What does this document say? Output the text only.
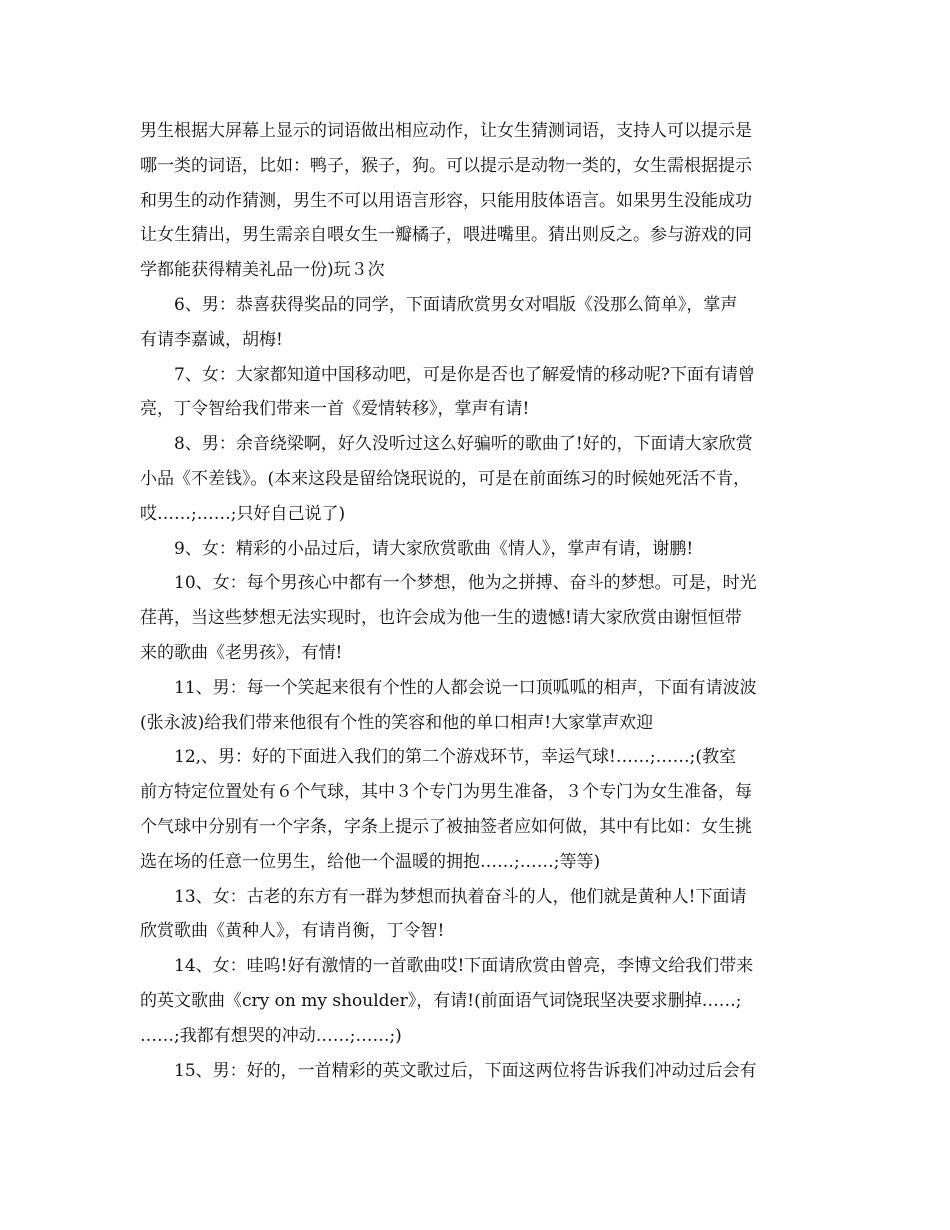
男生根据大屏幕上显示的词语做出相应动作，让女生猜测词语，支持人可以提示是
哪一类的词语，比如：鸭子，猴子，狗。可以提示是动物一类的，女生需根据提示
和男生的动作猜测，男生不可以用语言形容，只能用肢体语言。如果男生没能成功
让女生猜出，男生需亲自喂女生一瓣橘子，喂进嘴里。猜出则反之。参与游戏的同
学都能获得精美礼品一份)玩３次
6、男：恭喜获得奖品的同学，下面请欣赏男女对唱版《没那么简单》，掌声
有请李嘉诚，胡梅!
7、女：大家都知道中国移动吧，可是你是否也了解爱情的移动呢?下面有请曾
亮，丁令智给我们带来一首《爱情转移》，掌声有请!
8、男：余音绕梁啊，好久没听过这么好骗听的歌曲了!好的，下面请大家欣赏
小品《不差钱》。(本来这段是留给饶珉说的，可是在前面练习的时候她死活不肯，
哎……;……;只好自己说了)
9、女：精彩的小品过后，请大家欣赏歌曲《情人》，掌声有请，谢鹏!
10、女：每个男孩心中都有一个梦想，他为之拼搏、奋斗的梦想。可是，时光
荏苒，当这些梦想无法实现时，也许会成为他一生的遗憾!请大家欣赏由谢恒恒带
来的歌曲《老男孩》，有情!
11、男：每一个笑起来很有个性的人都会说一口顶呱呱的相声，下面有请波波
(张永波)给我们带来他很有个性的笑容和他的单口相声!大家掌声欢迎
12,、男：好的下面进入我们的第二个游戏环节，幸运气球!……;……;(教室
前方特定位置处有６个气球，其中３个专门为男生准备，３个专门为女生准备，每
个气球中分别有一个字条，字条上提示了被抽签者应如何做，其中有比如：女生挑
选在场的任意一位男生，给他一个温暖的拥抱……;……;等等)
13、女：古老的东方有一群为梦想而执着奋斗的人，他们就是黄种人!下面请
欣赏歌曲《黄种人》，有请肖衡，丁令智!
14、女：哇呜!好有激情的一首歌曲哎!下面请欣赏由曾亮，李博文给我们带来
的英文歌曲《cry on my shoulder》，有请!(前面语气词饶珉坚决要求删掉……;
……;我都有想哭的冲动……;……;)
15、男：好的，一首精彩的英文歌过后，下面这两位将告诉我们冲动过后会有
